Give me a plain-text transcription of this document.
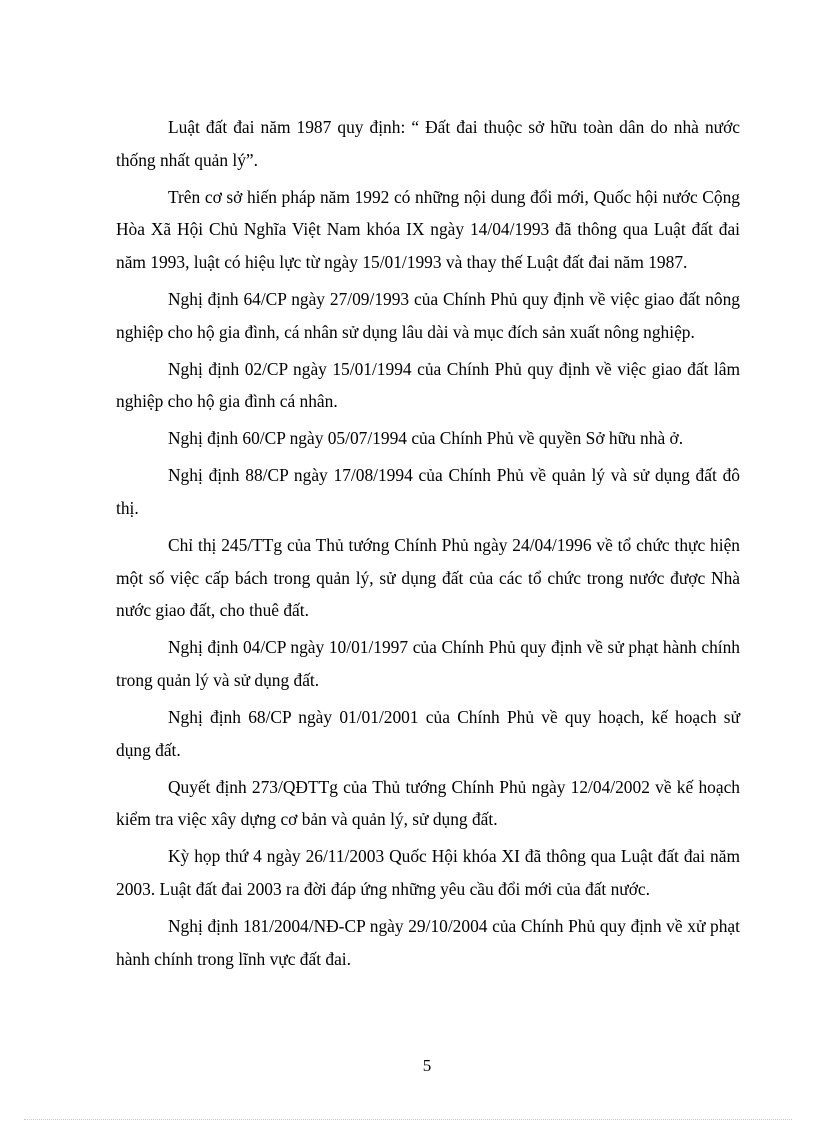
Luật đất đai năm 1987 quy định: “ Đất đai thuộc sở hữu toàn dân do nhà nước thống nhất quản lý”.

Trên cơ sở hiến pháp năm 1992 có những nội dung đổi mới, Quốc hội nước Cộng Hòa Xã Hội Chủ Nghĩa Việt Nam khóa IX ngày 14/04/1993 đã thông qua Luật đất đai năm 1993, luật có hiệu lực từ ngày 15/01/1993 và thay thế Luật đất đai năm 1987.

Nghị định 64/CP ngày 27/09/1993 của Chính Phủ quy định về việc giao đất nông nghiệp cho hộ gia đình, cá nhân sử dụng lâu dài và mục đích sản xuất nông nghiệp.

Nghị định 02/CP ngày 15/01/1994 của Chính Phủ quy định về việc giao đất lâm nghiệp cho hộ gia đình cá nhân.

Nghị định 60/CP ngày 05/07/1994 của Chính Phủ về quyền Sở hữu nhà ở.

Nghị định 88/CP ngày 17/08/1994 của Chính Phủ về quản lý và sử dụng đất đô thị.

Chỉ thị 245/TTg của Thủ tướng Chính Phủ ngày 24/04/1996 về tổ chức thực hiện một số việc cấp bách trong quản lý, sử dụng đất của các tổ chức trong nước được Nhà nước giao đất, cho thuê đất.

Nghị định 04/CP ngày 10/01/1997 của Chính Phủ quy định về sử phạt hành chính trong quản lý và sử dụng đất.

Nghị định 68/CP ngày 01/01/2001 của Chính Phủ về quy hoạch, kế hoạch sử dụng đất.

Quyết định 273/QĐTTg của Thủ tướng Chính Phủ ngày 12/04/2002 về kế hoạch kiểm tra việc xây dựng cơ bản và quản lý, sử dụng đất.

Kỳ họp thứ 4 ngày 26/11/2003 Quốc Hội khóa XI đã thông qua Luật đất đai năm 2003. Luật đất đai 2003 ra đời đáp ứng những yêu cầu đổi mới của đất nước.

Nghị định 181/2004/NĐ-CP ngày 29/10/2004 của Chính Phủ quy định về xử phạt hành chính trong lĩnh vực đất đai.

5
